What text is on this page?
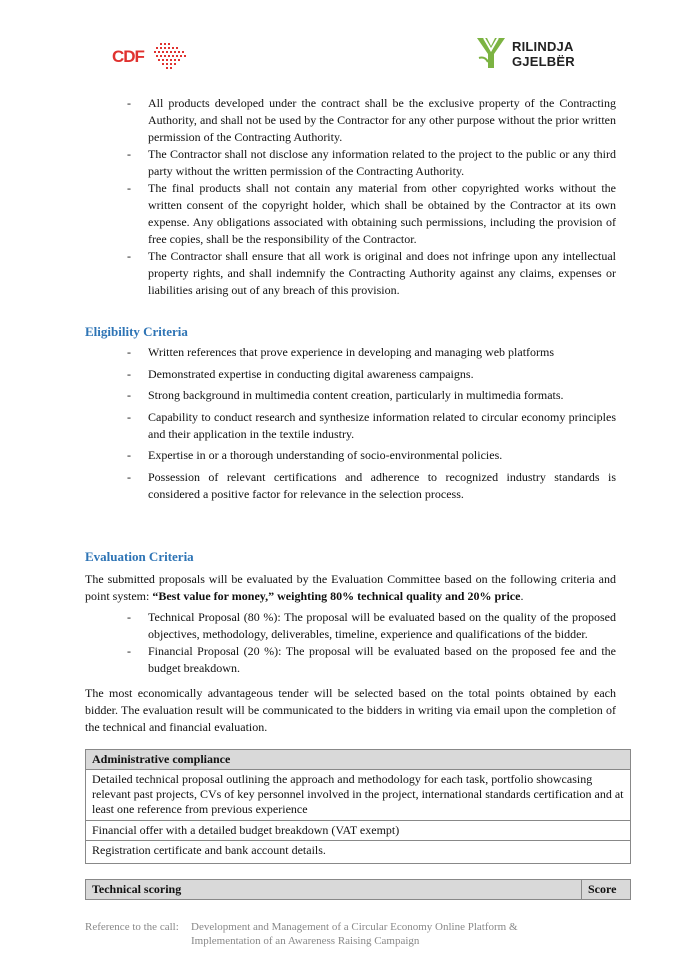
CDF
RILINDJA
GJELBËR
- All products developed under the contract shall be the exclusive property of the Contracting Authority, and shall not be used by the Contractor for any other purpose without the prior written permission of the Contracting Authority.
- The Contractor shall not disclose any information related to the project to the public or any third party without the written permission of the Contracting Authority.
- The final products shall not contain any material from other copyrighted works without the written consent of the copyright holder, which shall be obtained by the Contractor at its own expense. Any obligations associated with obtaining such permissions, including the provision of free copies, shall be the responsibility of the Contractor.
- The Contractor shall ensure that all work is original and does not infringe upon any intellectual property rights, and shall indemnify the Contracting Authority against any claims, expenses or liabilities arising out of any breach of this provision.
Eligibility Criteria
- Written references that prove experience in developing and managing web platforms
- Demonstrated expertise in conducting digital awareness campaigns.
- Strong background in multimedia content creation, particularly in multimedia formats.
- Capability to conduct research and synthesize information related to circular economy principles and their application in the textile industry.
- Expertise in or a thorough understanding of socio-environmental policies.
- Possession of relevant certifications and adherence to recognized industry standards is considered a positive factor for relevance in the selection process.
Evaluation Criteria

The submitted proposals will be evaluated by the Evaluation Committee based on the following criteria and point system: “Best value for money,” weighting 80% technical quality and 20% price.

- Technical Proposal (80 %): The proposal will be evaluated based on the quality of the proposed objectives, methodology, deliverables, timeline, experience and qualifications of the bidder.
- Financial Proposal (20 %): The proposal will be evaluated based on the proposed fee and the budget breakdown.

The most economically advantageous tender will be selected based on the total points obtained by each bidder. The evaluation result will be communicated to the bidders in writing via email upon the completion of the technical and financial evaluation.

Administrative compliance
Detailed technical proposal outlining the approach and methodology for each task, portfolio showcasing relevant past projects, CVs of key personnel involved in the project, international standards certification and at least one reference from previous experience
Financial offer with a detailed budget breakdown (VAT exempt)
Registration certificate and bank account details.
Technical scoring	Score
Reference to the call: Development and Management of a Circular Economy Online Platform &
Implementation of an Awareness Raising Campaign
